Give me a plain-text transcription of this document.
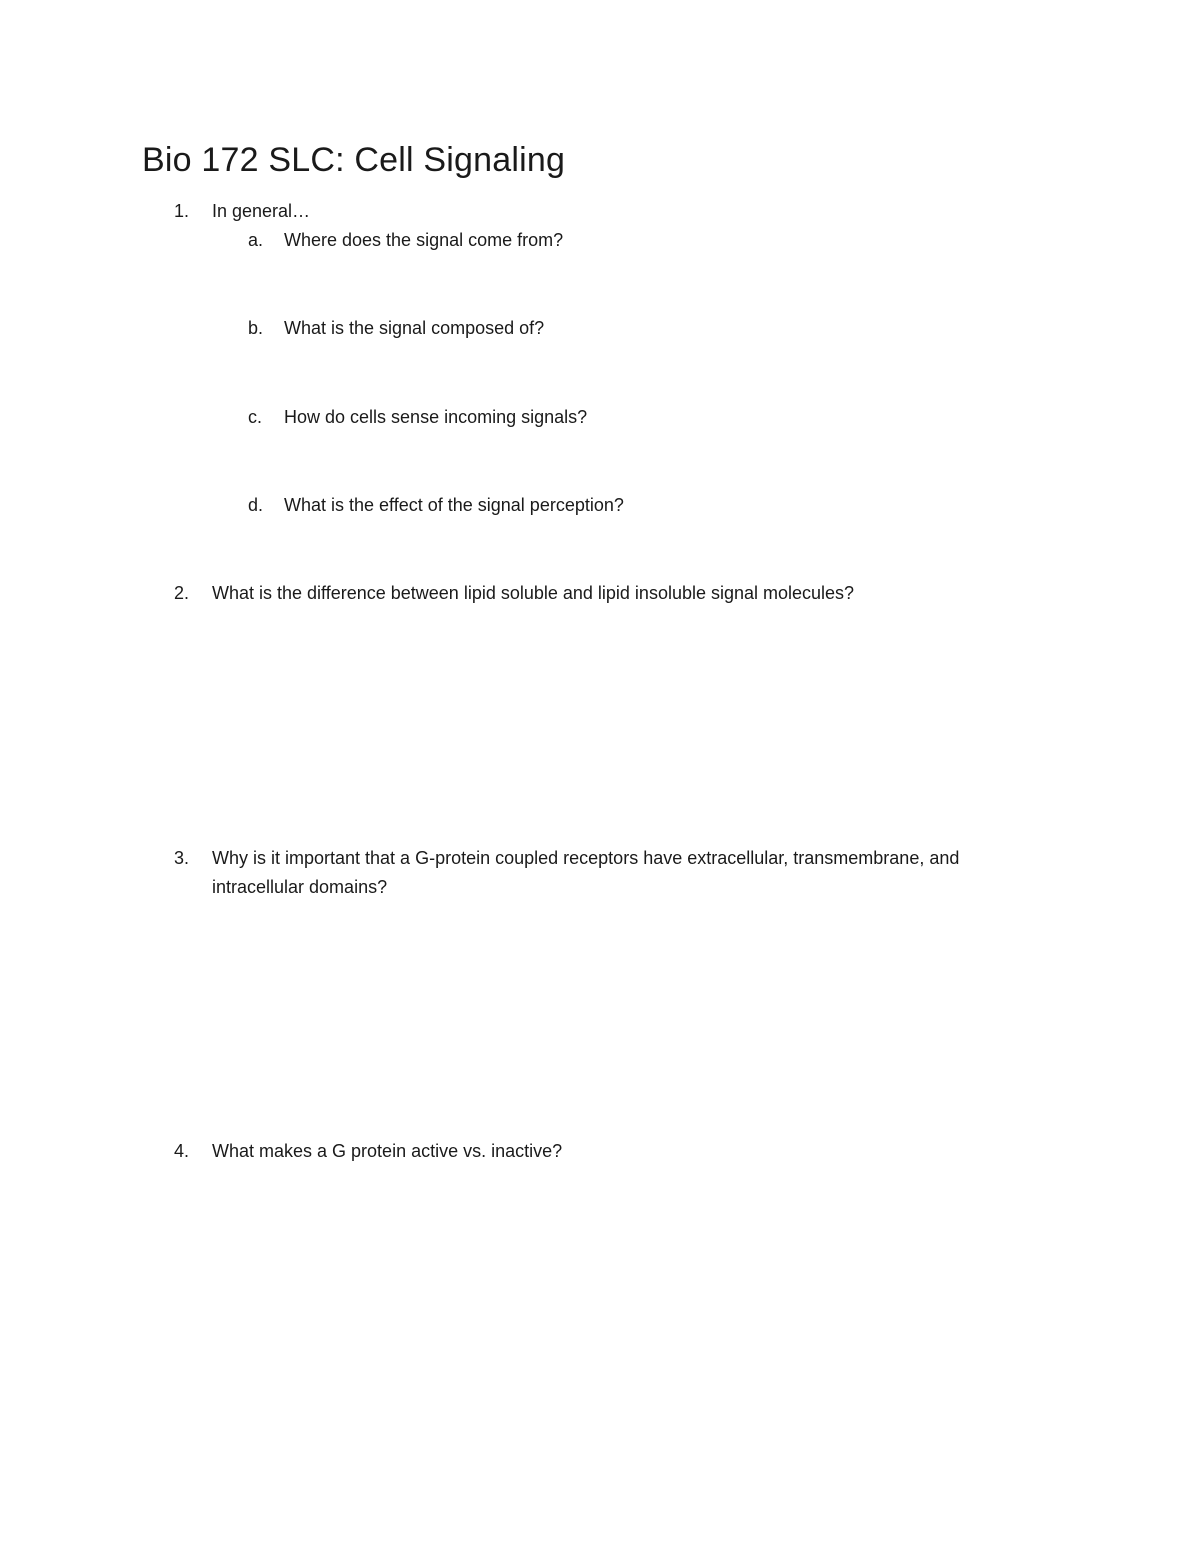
Bio 172 SLC: Cell Signaling
1. In general…
a. Where does the signal come from?
b. What is the signal composed of?
c. How do cells sense incoming signals?
d. What is the effect of the signal perception?
2. What is the difference between lipid soluble and lipid insoluble signal molecules?
3. Why is it important that a G-protein coupled receptors have extracellular, transmembrane, and
intracellular domains?
4. What makes a G protein active vs. inactive?
